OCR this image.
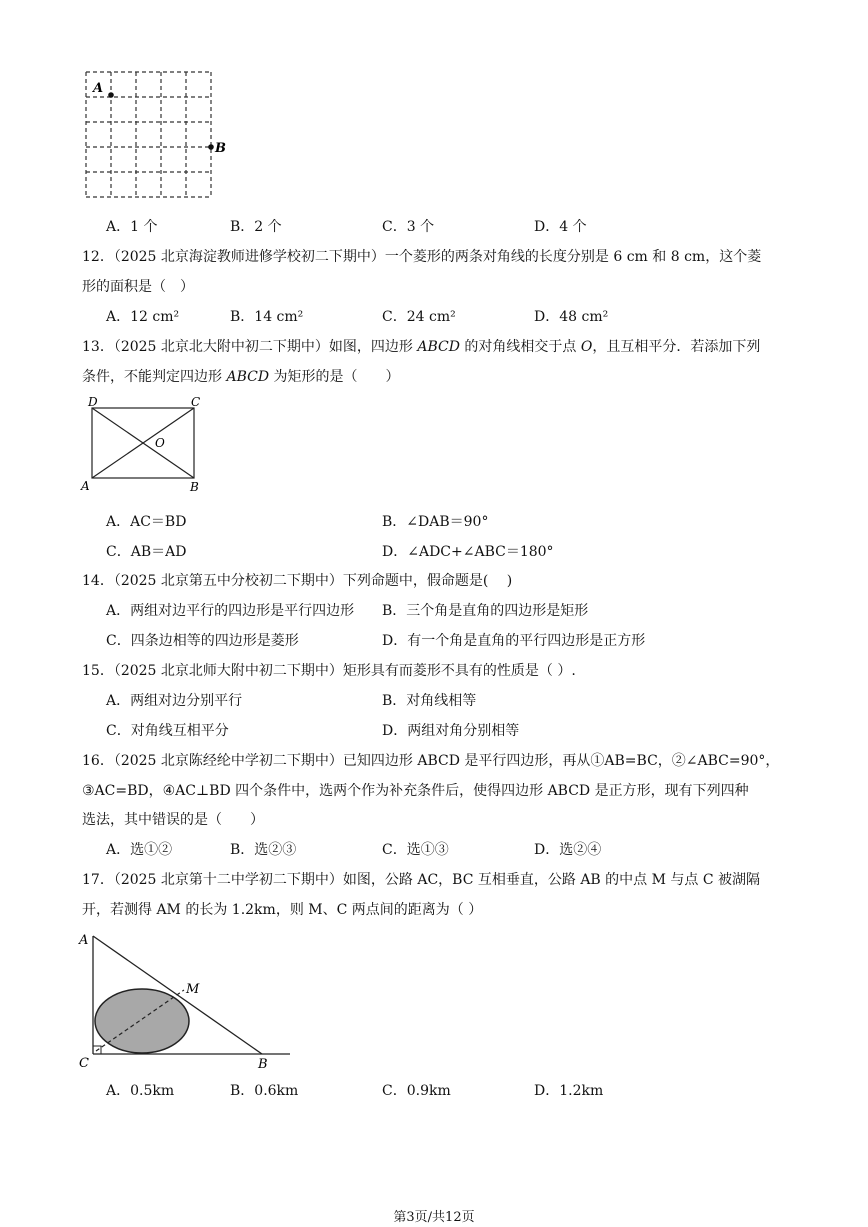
A
B
A．1 个	B．2 个	C．3 个	D．4 个
12．（2025 北京海淀教师进修学校初二下期中）一个菱形的两条对角线的长度分别是 6 cm 和 8 cm，这个菱
形的面积是（　）
A．12 cm²	B．14 cm²	C．24 cm²	D．48 cm²
13．（2025 北京北大附中初二下期中）如图，四边形 ABCD 的对角线相交于点 O，且互相平分．若添加下列
条件，不能判定四边形 ABCD 为矩形的是（　　）
D	C
A	B
O
A．AC＝BD	B．∠DAB＝90°
C．AB＝AD	D．∠ADC+∠ABC＝180°
14．（2025 北京第五中分校初二下期中）下列命题中，假命题是(　 )
A．两组对边平行的四边形是平行四边形 B．三个角是直角的四边形是矩形
C．四条边相等的四边形是菱形	D．有一个角是直角的平行四边形是正方形
15．（2025 北京北师大附中初二下期中）矩形具有而菱形不具有的性质是（ ）.
A．两组对边分别平行	B．对角线相等
C．对角线互相平分	D．两组对角分别相等
16．（2025 北京陈经纶中学初二下期中）已知四边形 ABCD 是平行四边形，再从①AB=BC，②∠ABC=90°，
③AC=BD，④AC⊥BD 四个条件中，选两个作为补充条件后，使得四边形 ABCD 是正方形，现有下列四种
选法，其中错误的是（　　）
A．选①②	B．选②③	C．选①③	D．选②④
17．（2025 北京第十二中学初二下期中）如图，公路 AC，BC 互相垂直，公路 AB 的中点 M 与点 C 被湖隔
开，若测得 AM 的长为 1.2km，则 M、C 两点间的距离为（ ）
A
M
C	B
A．0.5km	B．0.6km	C．0.9km	D．1.2km
第3页/共12页
